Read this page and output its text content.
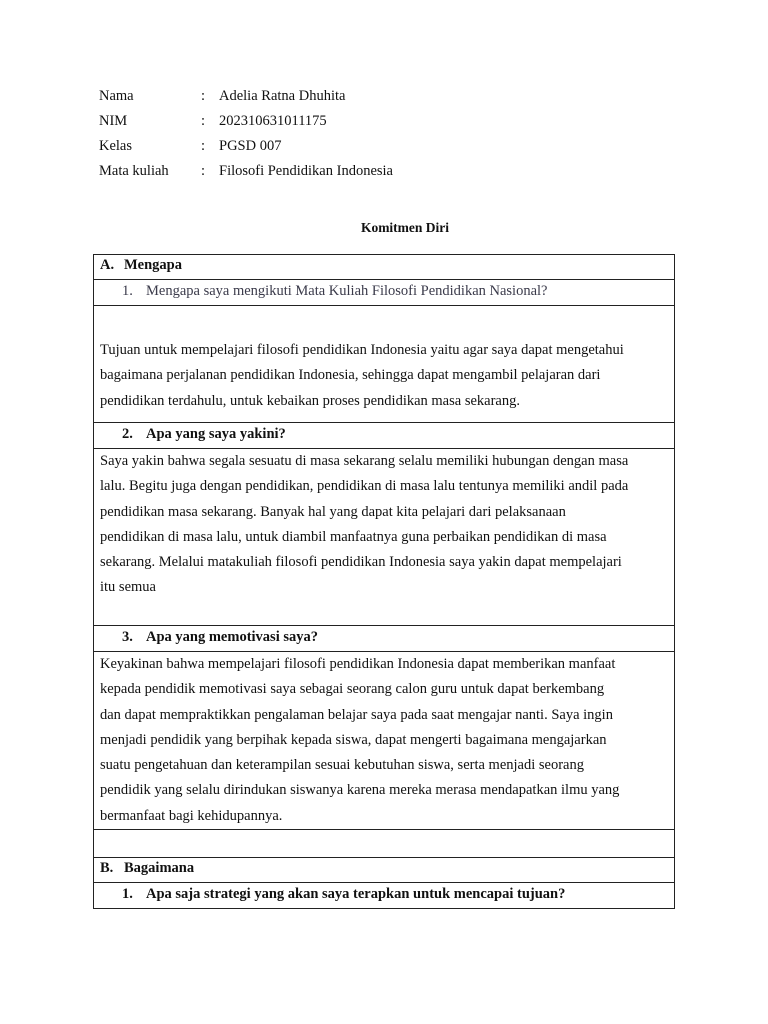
Nama	: Adelia Ratna Dhuhita
NIM	: 202310631011175
Kelas	: PGSD 007
Mata kuliah	: Filosofi Pendidikan Indonesia
Komitmen Diri
A. Mengapa
1. Mengapa saya mengikuti Mata Kuliah Filosofi Pendidikan Nasional?

Tujuan untuk mempelajari filosofi pendidikan Indonesia yaitu agar saya dapat mengetahui
bagaimana perjalanan pendidikan Indonesia, sehingga dapat mengambil pelajaran dari
pendidikan terdahulu, untuk kebaikan proses pendidikan masa sekarang.

2. Apa yang saya yakini?

Saya yakin bahwa segala sesuatu di masa sekarang selalu memiliki hubungan dengan masa
lalu. Begitu juga dengan pendidikan, pendidikan di masa lalu tentunya memiliki andil pada
pendidikan masa sekarang. Banyak hal yang dapat kita pelajari dari pelaksanaan
pendidikan di masa lalu, untuk diambil manfaatnya guna perbaikan pendidikan di masa
sekarang. Melalui matakuliah filosofi pendidikan Indonesia saya yakin dapat mempelajari
itu semua

3. Apa yang memotivasi saya?

Keyakinan bahwa mempelajari filosofi pendidikan Indonesia dapat memberikan manfaat
kepada pendidik memotivasi saya sebagai seorang calon guru untuk dapat berkembang
dan dapat mempraktikkan pengalaman belajar saya pada saat mengajar nanti. Saya ingin
menjadi pendidik yang berpihak kepada siswa, dapat mengerti bagaimana mengajarkan
suatu pengetahuan dan keterampilan sesuai kebutuhan siswa, serta menjadi seorang
pendidik yang selalu dirindukan siswanya karena mereka merasa mendapatkan ilmu yang
bermanfaat bagi kehidupannya.

B. Bagaimana
1. Apa saja strategi yang akan saya terapkan untuk mencapai tujuan?
